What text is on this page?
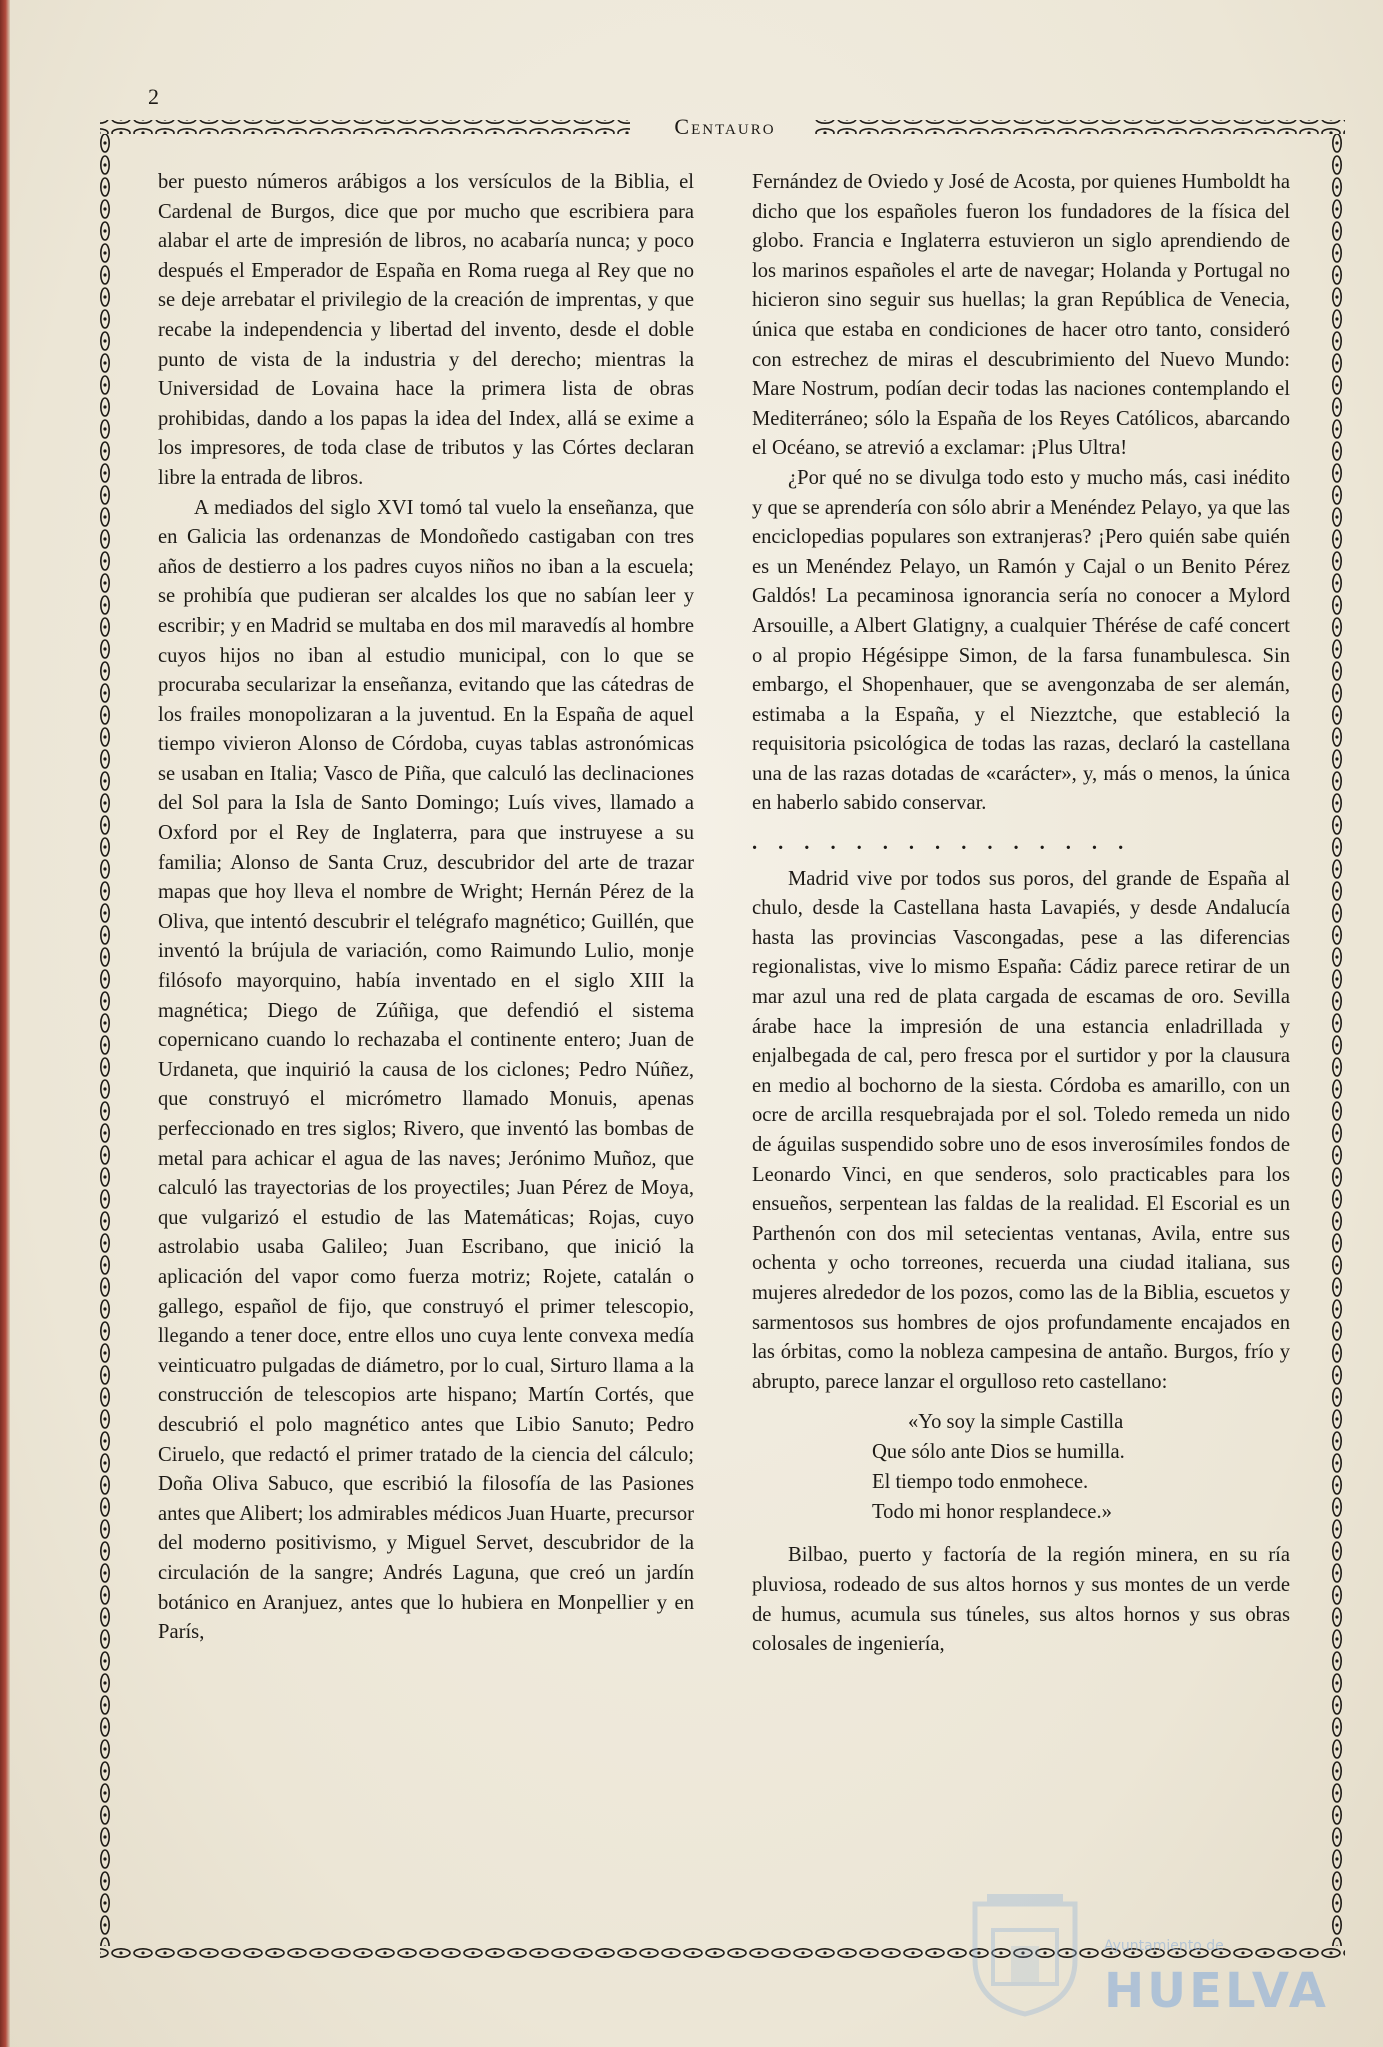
2
Centauro

ber puesto números arábigos a los versículos de la Biblia, el Cardenal de Burgos, dice que por mucho que escribiera para alabar el arte de impresión de libros, no acabaría nunca; y poco después el Emperador de España en Roma ruega al Rey que no se deje arrebatar el privilegio de la creación de imprentas, y que recabe la independencia y libertad del invento, desde el doble punto de vista de la industria y del derecho; mientras la Universidad de Lovaina hace la primera lista de obras prohibidas, dando a los papas la idea del Index, allá se exime a los impresores, de toda clase de tributos y las Córtes declaran libre la entrada de libros.

A mediados del siglo XVI tomó tal vuelo la enseñanza, que en Galicia las ordenanzas de Mondoñedo castigaban con tres años de destierro a los padres cuyos niños no iban a la escuela; se prohibía que pudieran ser alcaldes los que no sabían leer y escribir; y en Madrid se multaba en dos mil maravedís al hombre cuyos hijos no iban al estudio municipal, con lo que se procuraba secularizar la enseñanza, evitando que las cátedras de los frailes monopolizaran a la juventud. En la España de aquel tiempo vivieron Alonso de Córdoba, cuyas tablas astronómicas se usaban en Italia; Vasco de Piña, que calculó las declinaciones del Sol para la Isla de Santo Domingo; Luís vives, llamado a Oxford por el Rey de Inglaterra, para que instruyese a su familia; Alonso de Santa Cruz, descubridor del arte de trazar mapas que hoy lleva el nombre de Wright; Hernán Pérez de la Oliva, que intentó descubrir el telégrafo magnético; Guillén, que inventó la brújula de variación, como Raimundo Lulio, monje filósofo mayorquino, había inventado en el siglo XIII la magnética; Diego de Zúñiga, que defendió el sistema copernicano cuando lo rechazaba el continente entero; Juan de Urdaneta, que inquirió la causa de los ciclones; Pedro Núñez, que construyó el micrómetro llamado Monuis, apenas perfeccionado en tres siglos; Rivero, que inventó las bombas de metal para achicar el agua de las naves; Jerónimo Muñoz, que calculó las trayectorias de los proyectiles; Juan Pérez de Moya, que vulgarizó el estudio de las Matemáticas; Rojas, cuyo astrolabio usaba Galileo; Juan Escribano, que inició la aplicación del vapor como fuerza motriz; Rojete, catalán o gallego, español de fijo, que construyó el primer telescopio, llegando a tener doce, entre ellos uno cuya lente convexa medía veinticuatro pulgadas de diámetro, por lo cual, Sirturo llama a la construcción de telescopios arte hispano; Martín Cortés, que descubrió el polo magnético antes que Libio Sanuto; Pedro Ciruelo, que redactó el primer tratado de la ciencia del cálculo; Doña Oliva Sabuco, que escribió la filosofía de las Pasiones antes que Alibert; los admirables médicos Juan Huarte, precursor del moderno positivismo, y Miguel Servet, descubridor de la circulación de la sangre; Andrés Laguna, que creó un jardín botánico en Aranjuez, antes que lo hubiera en Monpellier y en París,

Fernández de Oviedo y José de Acosta, por quienes Humboldt ha dicho que los españoles fueron los fundadores de la física del globo. Francia e Inglaterra estuvieron un siglo aprendiendo de los marinos españoles el arte de navegar; Holanda y Portugal no hicieron sino seguir sus huellas; la gran República de Venecia, única que estaba en condiciones de hacer otro tanto, consideró con estrechez de miras el descubrimiento del Nuevo Mundo: Mare Nostrum, podían decir todas las naciones contemplando el Mediterráneo; sólo la España de los Reyes Católicos, abarcando el Océano, se atrevió a exclamar: ¡Plus Ultra!

¿Por qué no se divulga todo esto y mucho más, casi inédito y que se aprendería con sólo abrir a Menéndez Pelayo, ya que las enciclopedias populares son extranjeras? ¡Pero quién sabe quién es un Menéndez Pelayo, un Ramón y Cajal o un Benito Pérez Galdós! La pecaminosa ignorancia sería no conocer a Mylord Arsouille, a Albert Glatigny, a cualquier Thérése de café concert o al propio Hégésippe Simon, de la farsa funambulesca. Sin embargo, el Shopenhauer, que se avengonzaba de ser alemán, estimaba a la España, y el Niezztche, que estableció la requisitoria psicológica de todas las razas, declaró la castellana una de las razas dotadas de «carácter», y, más o menos, la única en haberlo sabido conservar.

...............

Madrid vive por todos sus poros, del grande de España al chulo, desde la Castellana hasta Lavapiés, y desde Andalucía hasta las provincias Vascongadas, pese a las diferencias regionalistas, vive lo mismo España: Cádiz parece retirar de un mar azul una red de plata cargada de escamas de oro. Sevilla árabe hace la impresión de una estancia enladrillada y enjalbegada de cal, pero fresca por el surtidor y por la clausura en medio al bochorno de la siesta. Córdoba es amarillo, con un ocre de arcilla resquebrajada por el sol. Toledo remeda un nido de águilas suspendido sobre uno de esos inverosímiles fondos de Leonardo Vinci, en que senderos, solo practicables para los ensueños, serpentean las faldas de la realidad. El Escorial es un Parthenón con dos mil setecientas ventanas, Avila, entre sus ochenta y ocho torreones, recuerda una ciudad italiana, sus mujeres alrededor de los pozos, como las de la Biblia, escuetos y sarmentosos sus hombres de ojos profundamente encajados en las órbitas, como la nobleza campesina de antaño. Burgos, frío y abrupto, parece lanzar el orgulloso reto castellano:

«Yo soy la simple Castilla
Que sólo ante Dios se humilla.
El tiempo todo enmohece.
Todo mi honor resplandece.»

Bilbao, puerto y factoría de la región minera, en su ría pluviosa, rodeado de sus altos hornos y sus montes de un verde de humus, acumula sus túneles, sus altos hornos y sus obras colosales de ingeniería,

Ayuntamiento de
HUELVA
